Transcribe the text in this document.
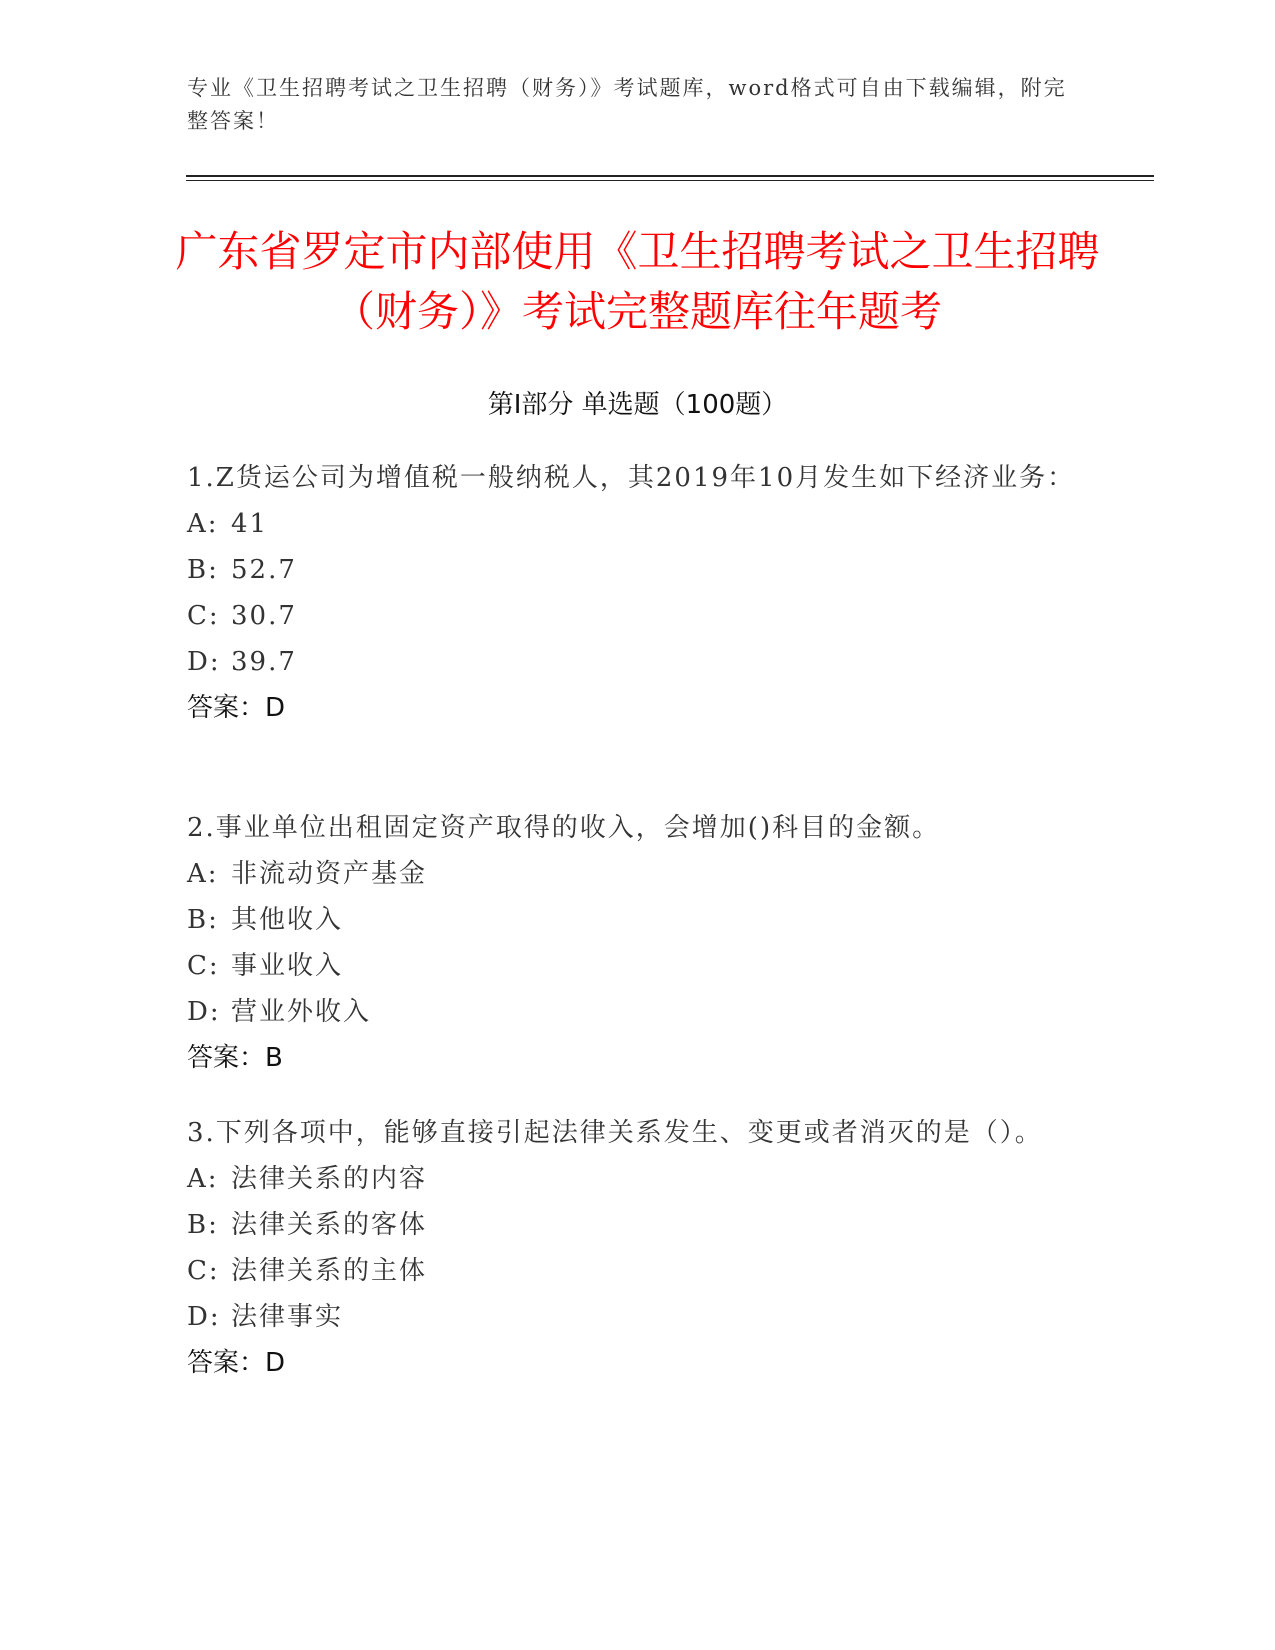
专业《卫生招聘考试之卫生招聘（财务）》考试题库，word格式可自由下载编辑，附完整答案！
广东省罗定市内部使用《卫生招聘考试之卫生招聘（财务）》考试完整题库往年题考
第Ⅰ部分 单选题（100题）

1.Z货运公司为增值税一般纳税人，其2019年10月发生如下经济业务：

A: 41

B: 52.7

C: 30.7

D: 39.7

答案：D

2.事业单位出租固定资产取得的收入，会增加()科目的金额。

A: 非流动资产基金

B: 其他收入

C: 事业收入

D: 营业外收入

答案：B

3.下列各项中，能够直接引起法律关系发生、变更或者消灭的是（）。

A: 法律关系的内容

B: 法律关系的客体

C: 法律关系的主体

D: 法律事实

答案：D
